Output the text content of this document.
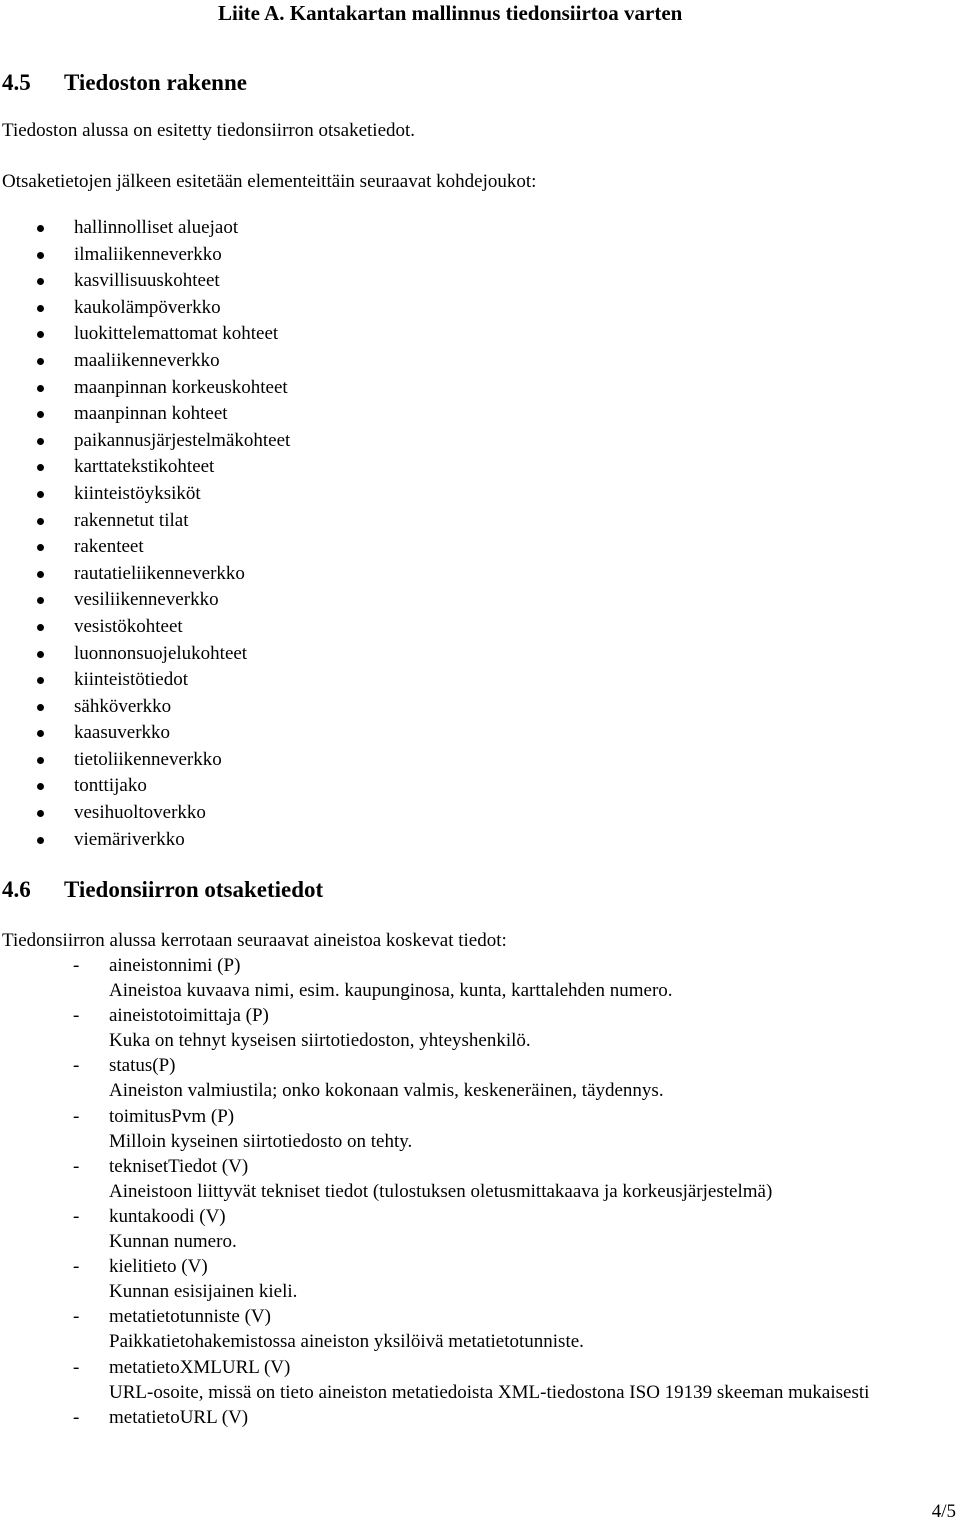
Liite A. Kantakartan mallinnus tiedonsiirtoa varten
4.5 Tiedoston rakenne

Tiedoston alussa on esitetty tiedonsiirron otsaketiedot.

Otsaketietojen jälkeen esitetään elementeittäin seuraavat kohdejoukot:

hallinnolliset aluejaot
ilmaliikenneverkko
kasvillisuuskohteet
kaukolämpöverkko
luokittelemattomat kohteet
maaliikenneverkko
maanpinnan korkeuskohteet
maanpinnan kohteet
paikannusjärjestelmäkohteet
karttatekstikohteet
kiinteistöyksiköt
rakennetut tilat
rakenteet
rautatieliikenneverkko
vesiliikenneverkko
vesistökohteet
luonnonsuojelukohteet
kiinteistötiedot
sähköverkko
kaasuverkko
tietoliikenneverkko
tonttijako
vesihuoltoverkko
viemäriverkko
4.6 Tiedonsiirron otsaketiedot

Tiedonsiirron alussa kerrotaan seuraavat aineistoa koskevat tiedot:

- aineistonnimi (P)
Aineistoa kuvaava nimi, esim. kaupunginosa, kunta, karttalehden numero.
- aineistotoimittaja (P)
Kuka on tehnyt kyseisen siirtotiedoston, yhteyshenkilö.
- status(P)
Aineiston valmiustila; onko kokonaan valmis, keskeneräinen, täydennys.
- toimitusPvm (P)
Milloin kyseinen siirtotiedosto on tehty.
- teknisetTiedot (V)
Aineistoon liittyvät tekniset tiedot (tulostuksen oletusmittakaava ja korkeusjärjestelmä)
- kuntakoodi (V)
Kunnan numero.
- kielitieto (V)
Kunnan esisijainen kieli.
- metatietotunniste (V)
Paikkatietohakemistossa aineiston yksilöivä metatietotunniste.
- metatietoXMLURL (V)
URL-osoite, missä on tieto aineiston metatiedoista XML-tiedostona ISO 19139 skeeman mukaisesti
- metatietoURL (V)
4/5
